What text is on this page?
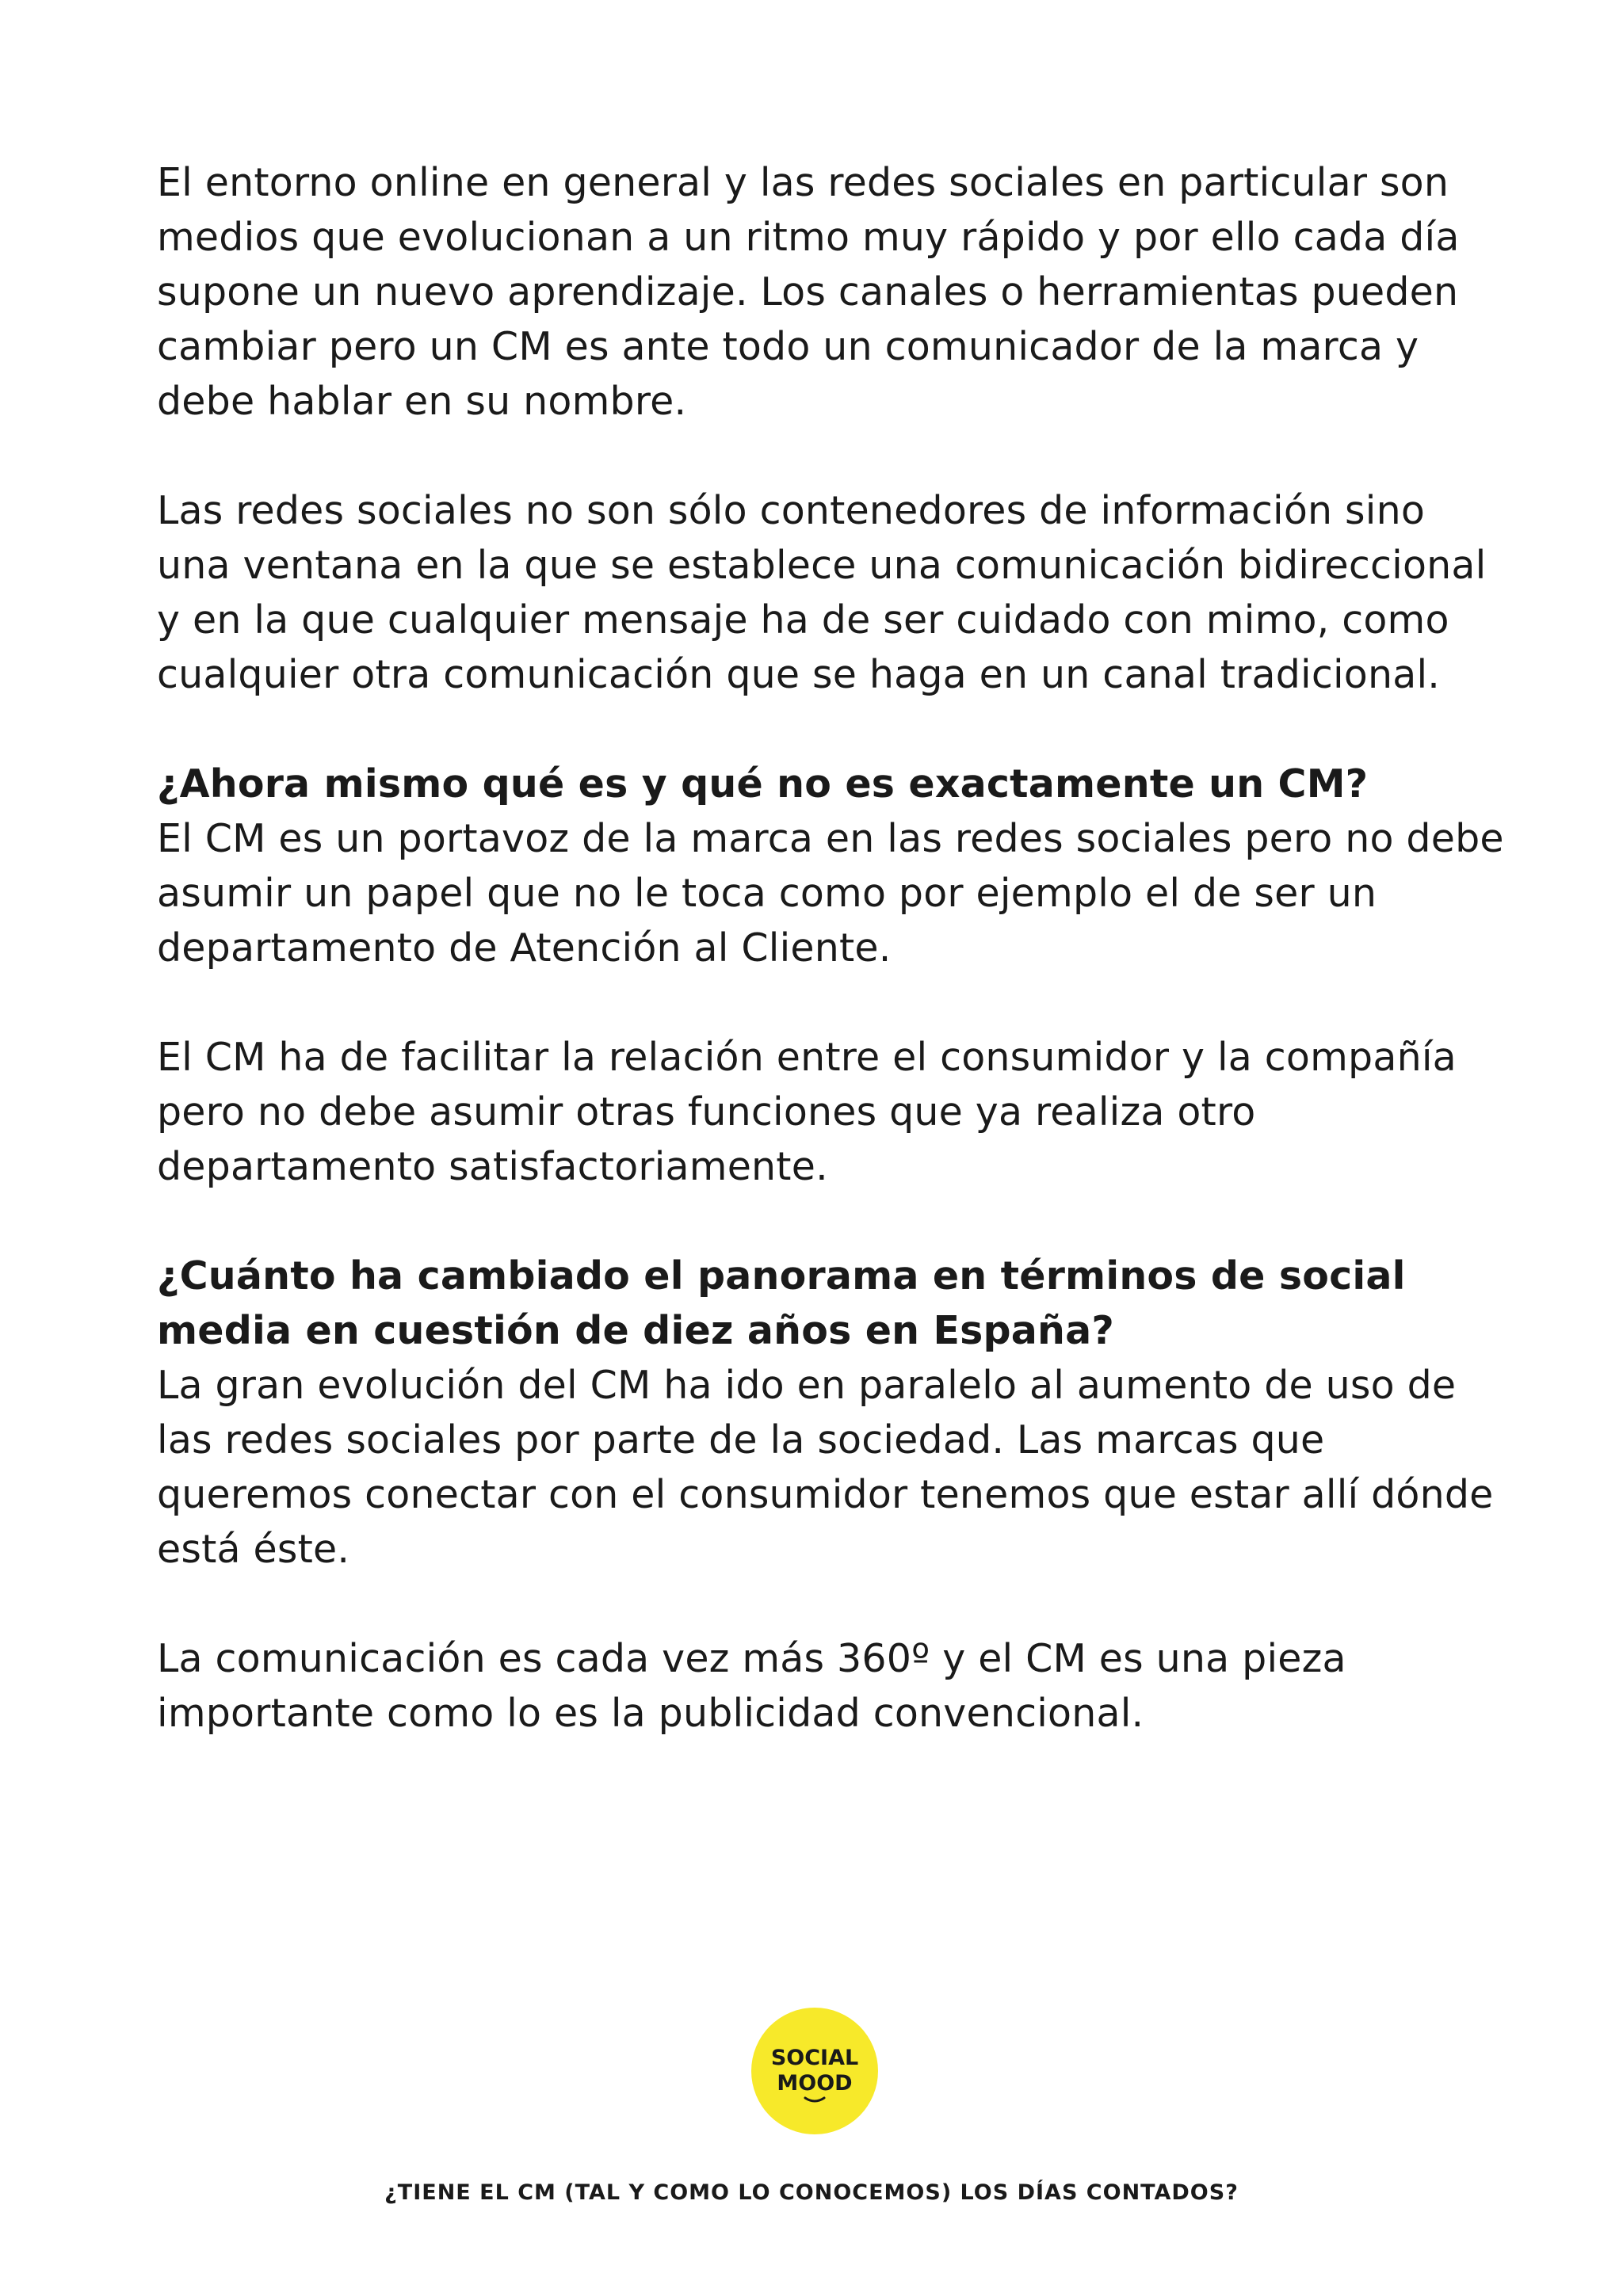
El entorno online en general y las redes sociales en particular son medios que evolucionan a un ritmo muy rápido y por ello cada día supone un nuevo aprendizaje. Los canales o herramientas pueden cambiar pero un CM es ante todo un comunicador de la marca y debe hablar en su nombre.

Las redes sociales no son sólo contenedores de información sino una ventana en la que se establece una comunicación bidireccional y en la que cualquier mensaje ha de ser cuidado con mimo, como cualquier otra comunicación que se haga en un canal tradicional.

¿Ahora mismo qué es y qué no es exactamente un CM?

El CM es un portavoz de la marca en las redes sociales pero no debe asumir un papel que no le toca como por ejemplo el de ser un departamento de Atención al Cliente.

El CM ha de facilitar la relación entre el consumidor y la compañía pero no debe asumir otras funciones que ya realiza otro departamento satisfactoriamente.

¿Cuánto ha cambiado el panorama en términos de social media en cuestión de diez años en España?

La gran evolución del CM ha ido en paralelo al aumento de uso de las redes sociales por parte de la sociedad. Las marcas que queremos conectar con el consumidor tenemos que estar allí dónde está éste.

La comunicación es cada vez más 360º y el CM es una pieza importante como lo es la publicidad convencional.

SOCIAL
MOOD
¿TIENE EL CM (TAL Y COMO LO CONOCEMOS) LOS DÍAS CONTADOS?
